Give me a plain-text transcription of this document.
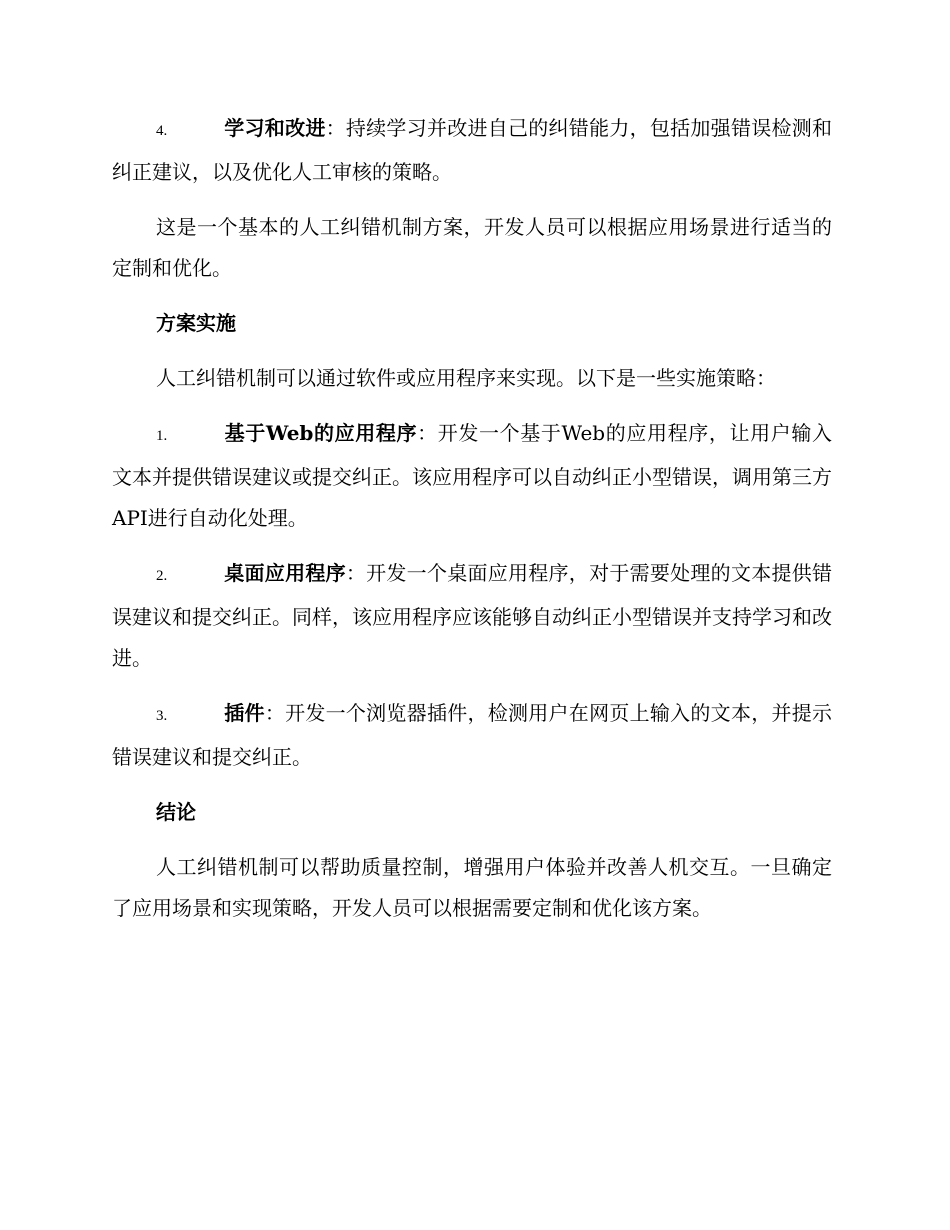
4.	学习和改进：持续学习并改进自己的纠错能力，包括加强错误检测和纠正建议，以及优化人工审核的策略。

这是一个基本的人工纠错机制方案，开发人员可以根据应用场景进行适当的定制和优化。

方案实施

人工纠错机制可以通过软件或应用程序来实现。以下是一些实施策略：

1.	基于Web的应用程序：开发一个基于Web的应用程序，让用户输入文本并提供错误建议或提交纠正。该应用程序可以自动纠正小型错误，调用第三方API进行自动化处理。

2.	桌面应用程序：开发一个桌面应用程序，对于需要处理的文本提供错误建议和提交纠正。同样，该应用程序应该能够自动纠正小型错误并支持学习和改进。

3.	插件：开发一个浏览器插件，检测用户在网页上输入的文本，并提示错误建议和提交纠正。

结论

人工纠错机制可以帮助质量控制，增强用户体验并改善人机交互。一旦确定了应用场景和实现策略，开发人员可以根据需要定制和优化该方案。
